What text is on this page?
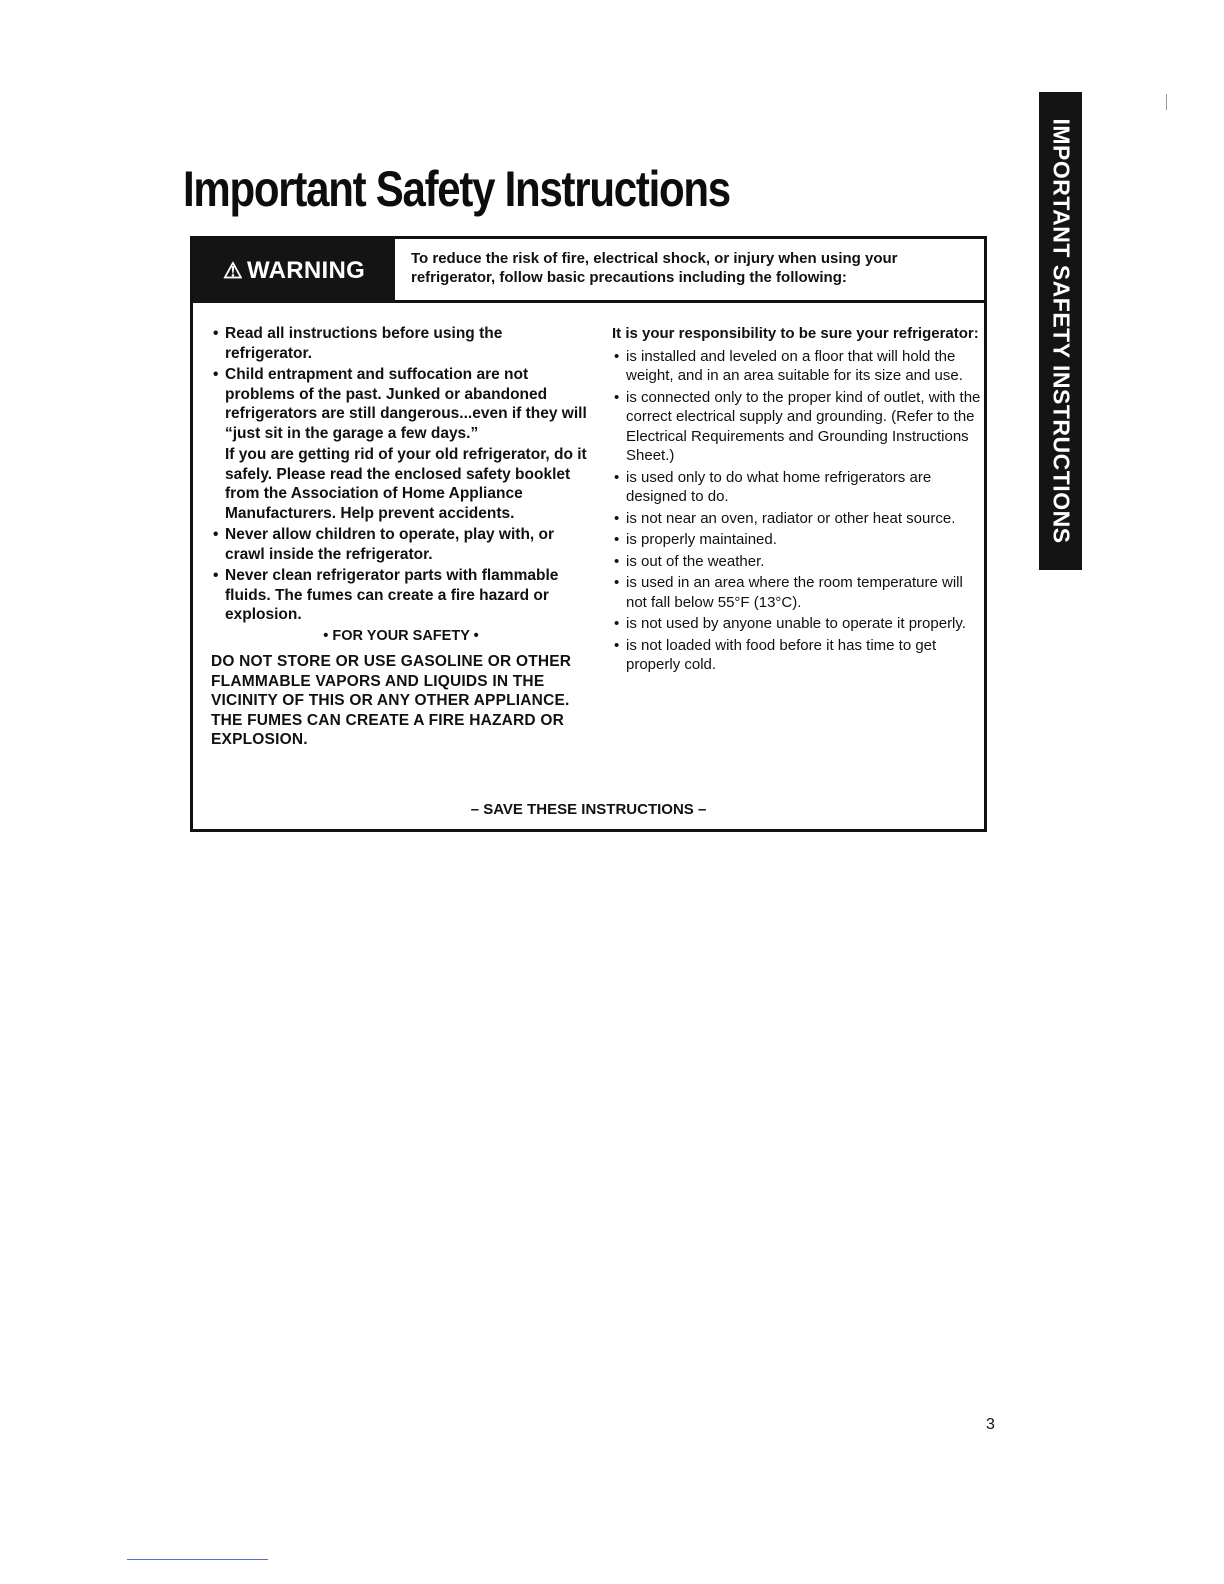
Important Safety Instructions	IMPORTANT SAFETY INSTRUCTIONS
⚠ WARNING	To reduce the risk of fire, electrical shock, or injury when using your refrigerator, follow basic precautions including the following:

• Read all instructions before using the refrigerator.

• Child entrapment and suffocation are not problems of the past. Junked or abandoned refrigerators are still dangerous...even if they will “just sit in the garage a few days.”

If you are getting rid of your old refrigerator, do it safely. Please read the enclosed safety booklet from the Association of Home Appliance Manufacturers. Help prevent accidents.

• Never allow children to operate, play with, or crawl inside the refrigerator.

• Never clean refrigerator parts with flammable fluids. The fumes can create a fire hazard or explosion.

• FOR YOUR SAFETY •

DO NOT STORE OR USE GASOLINE OR OTHER FLAMMABLE VAPORS AND LIQUIDS IN THE VICINITY OF THIS OR ANY OTHER APPLIANCE. THE FUMES CAN CREATE A FIRE HAZARD OR EXPLOSION.

It is your responsibility to be sure your refrigerator:

• is installed and leveled on a floor that will hold the weight, and in an area suitable for its size and use.

• is connected only to the proper kind of outlet, with the correct electrical supply and grounding. (Refer to the Electrical Requirements and Grounding Instructions Sheet.)

• is used only to do what home refrigerators are designed to do.

• is not near an oven, radiator or other heat source.

• is properly maintained.

• is out of the weather.

• is used in an area where the room temperature will not fall below 55°F (13°C).

• is not used by anyone unable to operate it properly.

• is not loaded with food before it has time to get properly cold.

– SAVE THESE INSTRUCTIONS –
3
